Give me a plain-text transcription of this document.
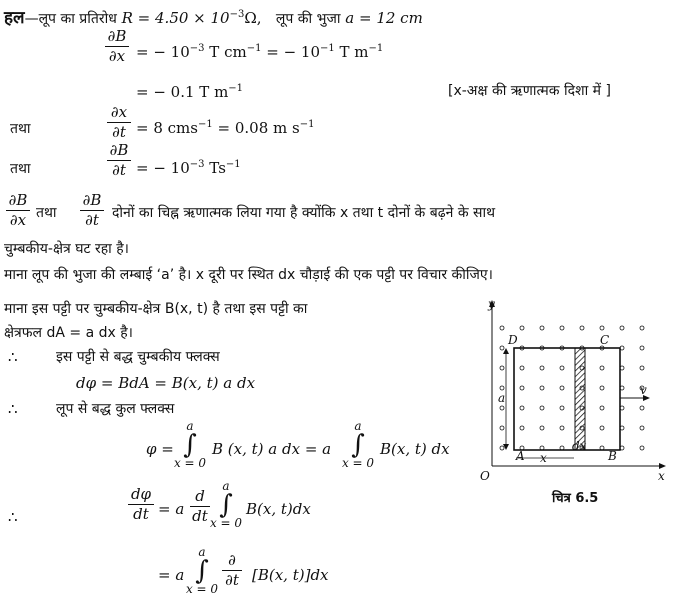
हल—लूप का प्रतिरोध $R = 4.50 \times 10^{-3}\Omega$, लूप की भुजा a = 12 cm
∂B
∂x = − $10^{-3}$ T $cm^{-1}$ = − $10^{-1}$ T $m^{-1}$
= − 0.1 T $m^{-1}$	[x-अक्ष की ऋणात्मक दिशा में ]
तथा
∂x
∂t = 8 cms$^{-1}$ = 0.08 m $s^{-1}$
तथा
∂B
∂t = − $10^{-3}$ $Ts^{-1}$
∂B
∂x तथा
∂B
∂t दोनों का चिह्न ऋणात्मक लिया गया है क्योंकि x तथा t दोनों के बढ़ने के साथ
चुम्बकीय-क्षेत्र घट रहा है।
माना लूप की भुजा की लम्बाई ‘a’ है। x दूरी पर स्थित dx चौड़ाई की एक पट्टी पर विचार कीजिए।
माना इस पट्टी पर चुम्बकीय-क्षेत्र B(x, t) है तथा इस पट्टी का
क्षेत्रफल dA = a dx है।
∴	इस पट्टी से बद्ध चुम्बकीय फ्लक्स
dφ = BdA = B(x, t) a dx
∴	लूप से बद्ध कुल फ्लक्स
φ =
a
∫
x = 0
B (x, t) a dx = a
a
∫
x = 0
B(x, t) dx
∴
dφ
dt = a
d
dt
a
∫
x = 0
B(x, t)dx
= a
a
∫
x = 0
∂
∂t [B(x, t)]dx
y
x
O
D	C
A	B
a
x
dx
v
चित्र 6.5
